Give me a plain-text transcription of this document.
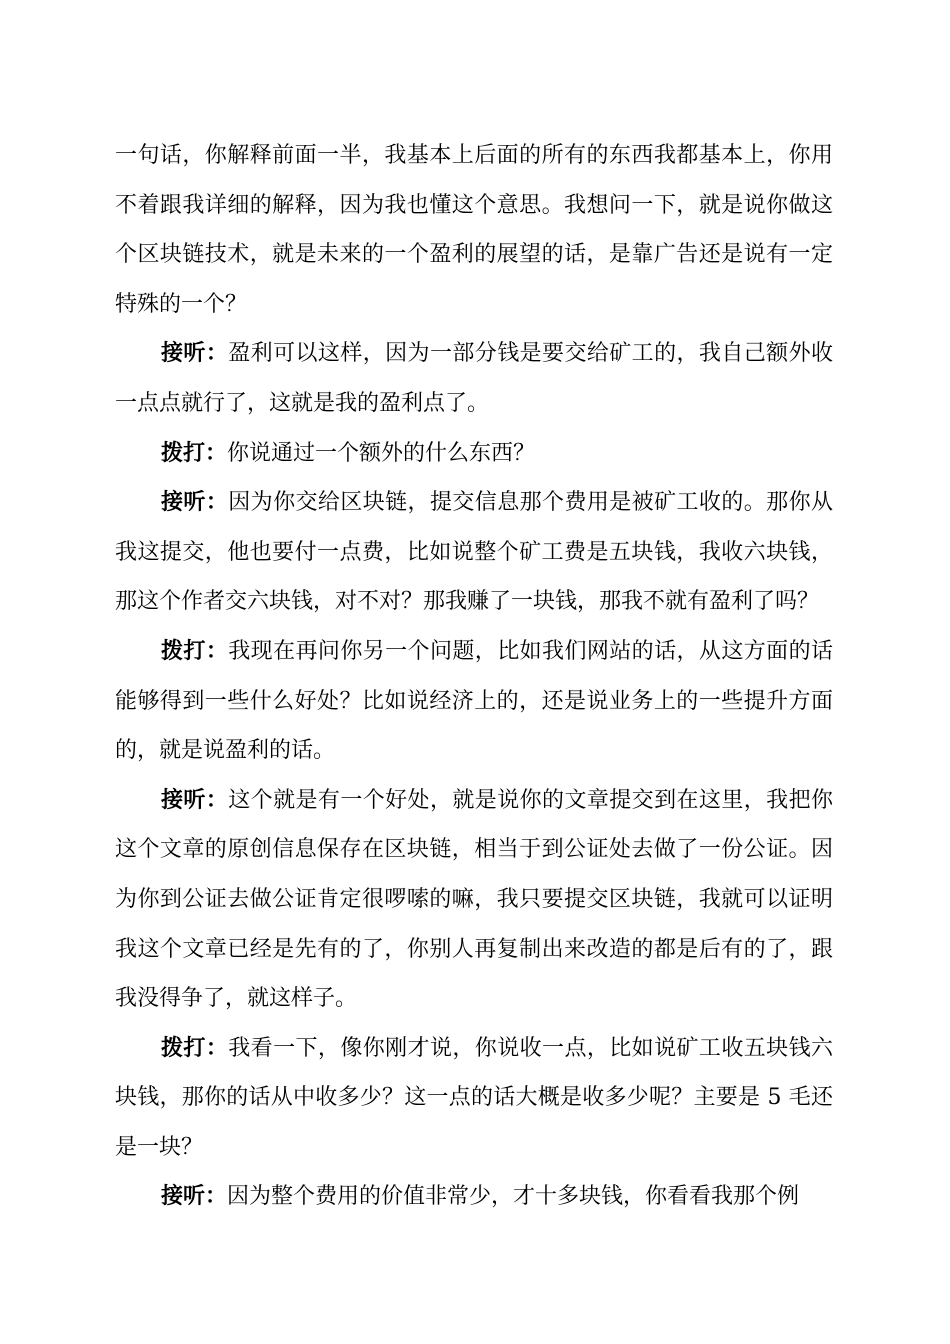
一句话，你解释前面一半，我基本上后面的所有的东西我都基本上，你用不着跟我详细的解释，因为我也懂这个意思。我想问一下，就是说你做这个区块链技术，就是未来的一个盈利的展望的话，是靠广告还是说有一定特殊的一个？

接听：盈利可以这样，因为一部分钱是要交给矿工的，我自己额外收一点点就行了，这就是我的盈利点了。

拨打：你说通过一个额外的什么东西？

接听：因为你交给区块链，提交信息那个费用是被矿工收的。那你从我这提交，他也要付一点费，比如说整个矿工费是五块钱，我收六块钱，那这个作者交六块钱，对不对？那我赚了一块钱，那我不就有盈利了吗？

拨打：我现在再问你另一个问题，比如我们网站的话，从这方面的话能够得到一些什么好处？比如说经济上的，还是说业务上的一些提升方面的，就是说盈利的话。

接听：这个就是有一个好处，就是说你的文章提交到在这里，我把你这个文章的原创信息保存在区块链，相当于到公证处去做了一份公证。因为你到公证去做公证肯定很啰嗦的嘛，我只要提交区块链，我就可以证明我这个文章已经是先有的了，你别人再复制出来改造的都是后有的了，跟我没得争了，就这样子。

拨打：我看一下，像你刚才说，你说收一点，比如说矿工收五块钱六块钱，那你的话从中收多少？这一点的话大概是收多少呢？主要是 5 毛还是一块？

接听：因为整个费用的价值非常少，才十多块钱，你看看我那个例
